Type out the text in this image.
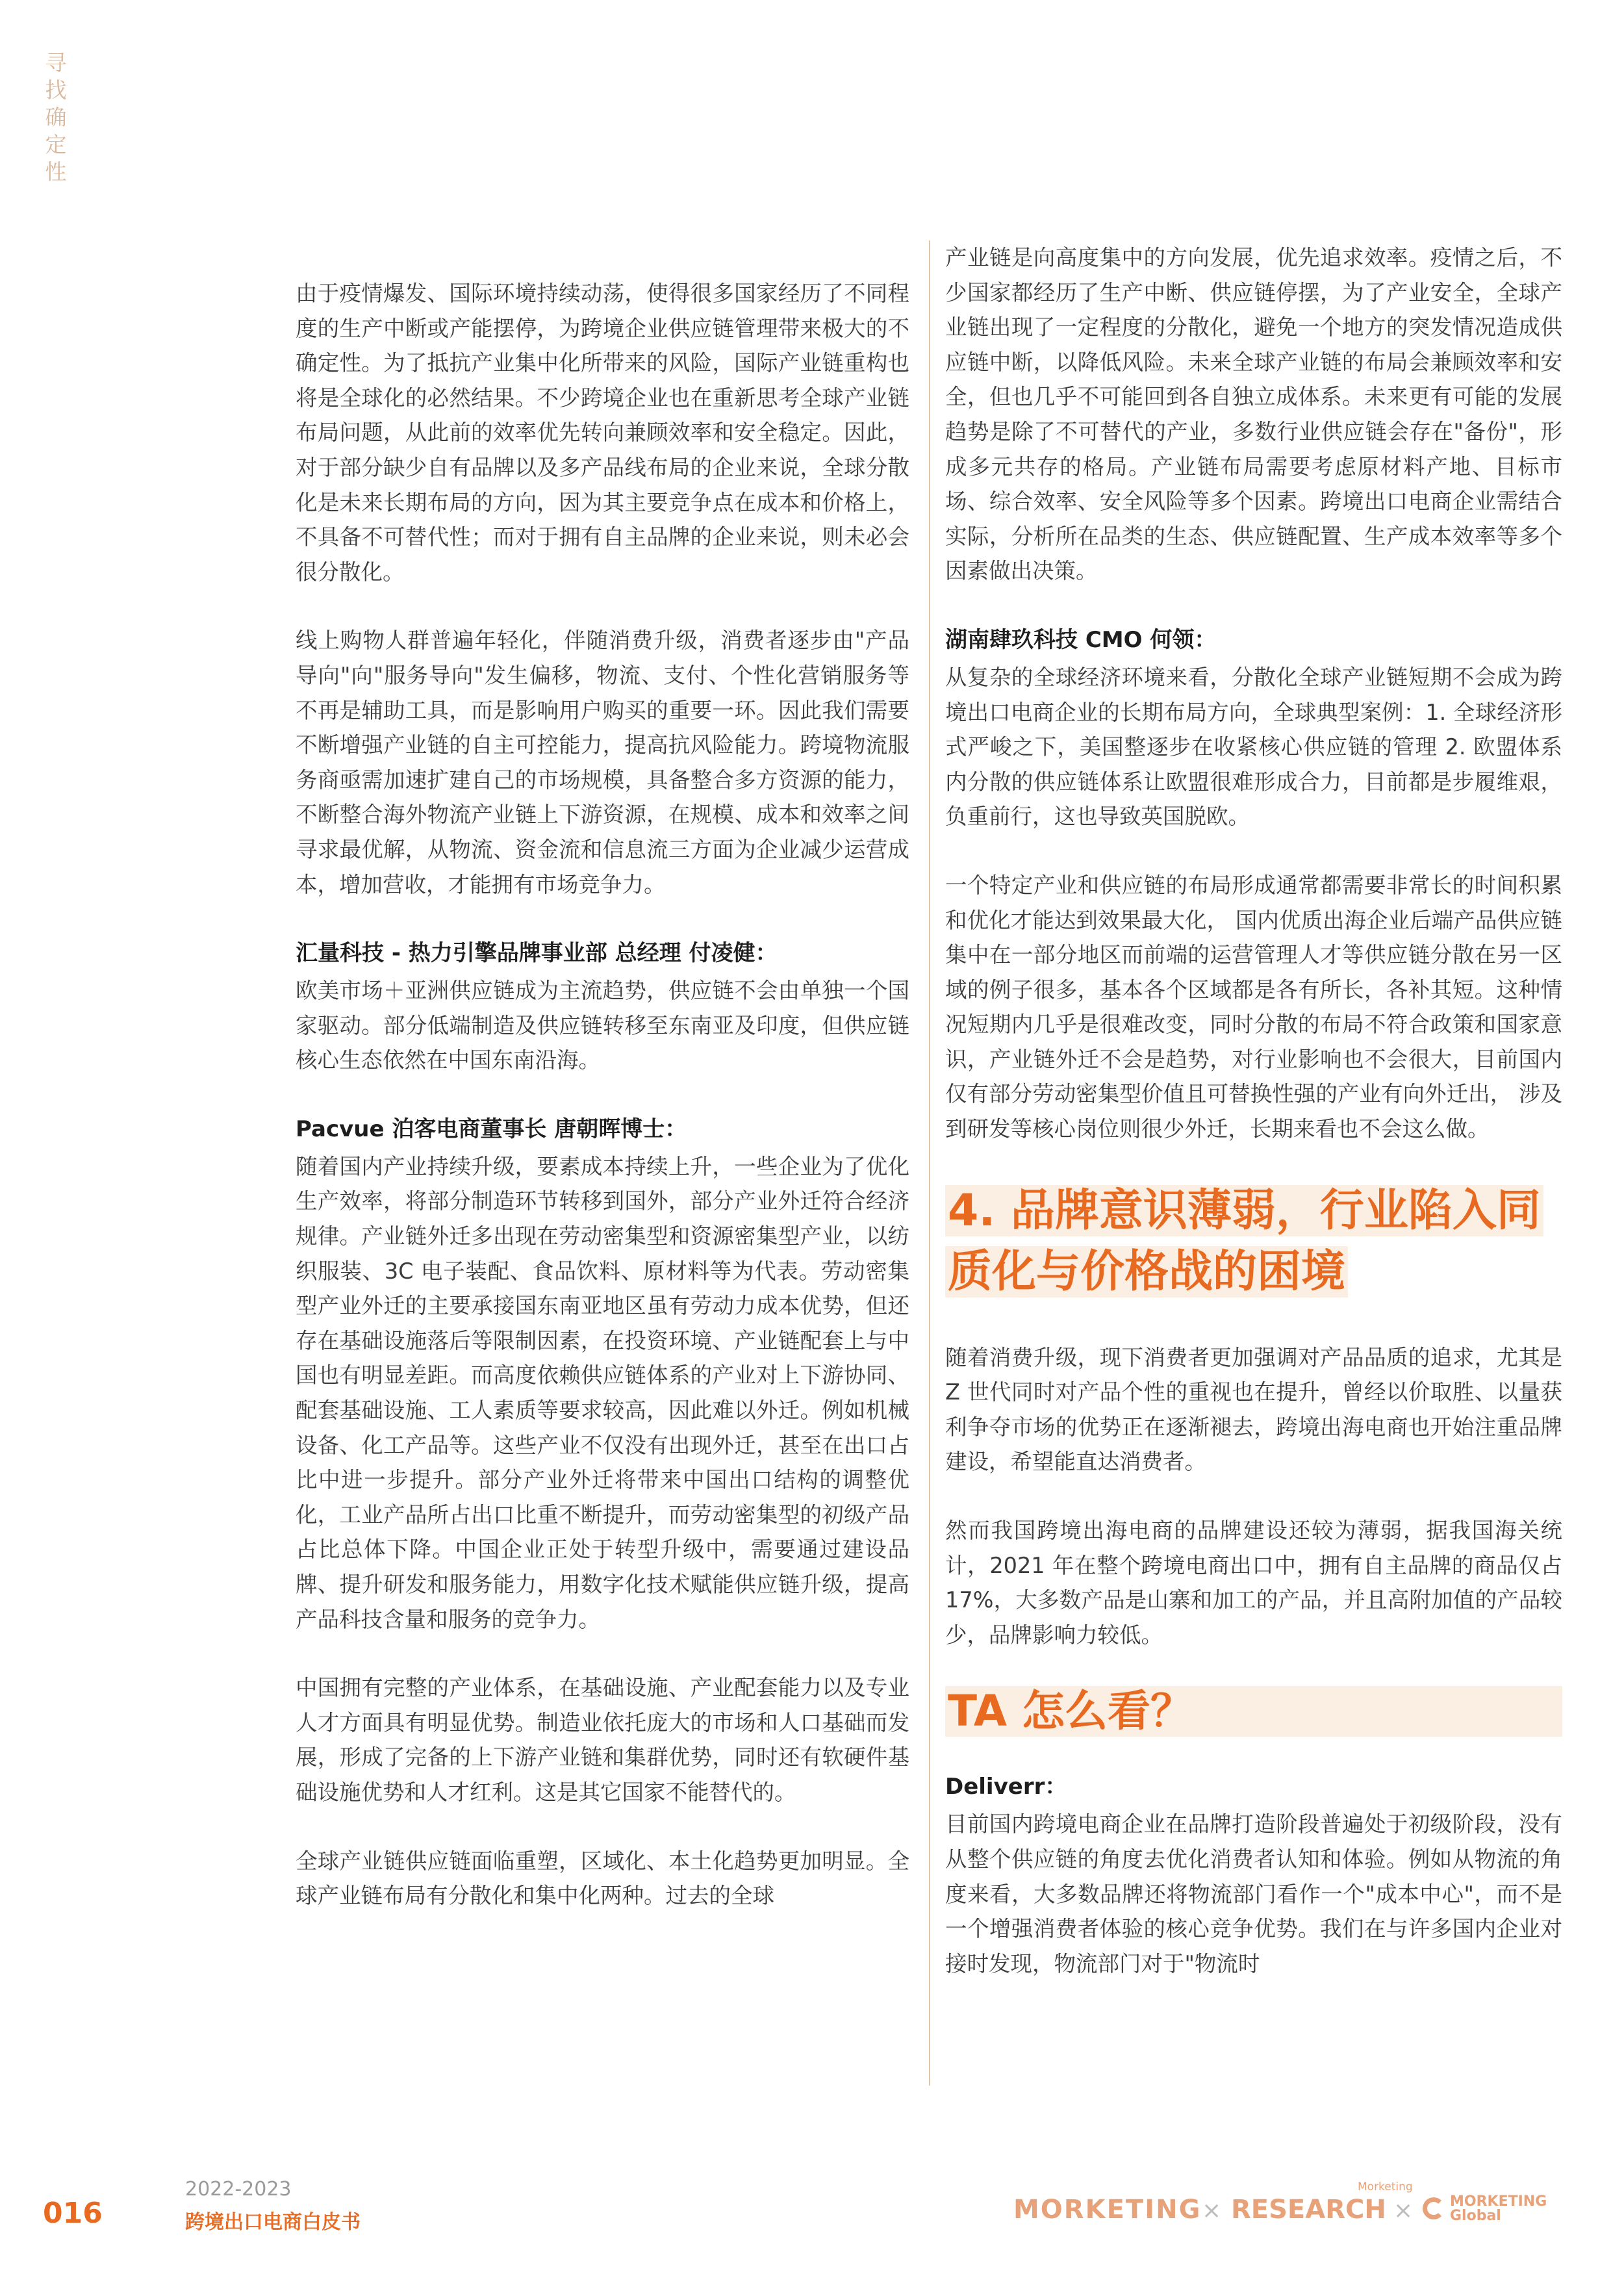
寻找确定性

由于疫情爆发、国际环境持续动荡，使得很多国家经历了不同程度的生产中断或产能摆停，为跨境企业供应链管理带来极大的不确定性。为了抵抗产业集中化所带来的风险，国际产业链重构也将是全球化的必然结果。不少跨境企业也在重新思考全球产业链布局问题，从此前的效率优先转向兼顾效率和安全稳定。因此，对于部分缺少自有品牌以及多产品线布局的企业来说，全球分散化是未来长期布局的方向，因为其主要竞争点在成本和价格上，不具备不可替代性；而对于拥有自主品牌的企业来说，则未必会很分散化。

线上购物人群普遍年轻化，伴随消费升级，消费者逐步由"产品导向"向"服务导向"发生偏移，物流、支付、个性化营销服务等不再是辅助工具，而是影响用户购买的重要一环。因此我们需要不断增强产业链的自主可控能力，提高抗风险能力。跨境物流服务商亟需加速扩建自己的市场规模，具备整合多方资源的能力，不断整合海外物流产业链上下游资源，在规模、成本和效率之间寻求最优解，从物流、资金流和信息流三方面为企业减少运营成本，增加营收，才能拥有市场竞争力。

汇量科技 - 热力引擎品牌事业部 总经理 付凌健：

欧美市场＋亚洲供应链成为主流趋势，供应链不会由单独一个国家驱动。部分低端制造及供应链转移至东南亚及印度，但供应链核心生态依然在中国东南沿海。

Pacvue 泊客电商董事长 唐朝晖博士：

随着国内产业持续升级，要素成本持续上升，一些企业为了优化生产效率，将部分制造环节转移到国外，部分产业外迁符合经济规律。产业链外迁多出现在劳动密集型和资源密集型产业，以纺织服装、3C 电子装配、食品饮料、原材料等为代表。劳动密集型产业外迁的主要承接国东南亚地区虽有劳动力成本优势，但还存在基础设施落后等限制因素，在投资环境、产业链配套上与中国也有明显差距。而高度依赖供应链体系的产业对上下游协同、配套基础设施、工人素质等要求较高，因此难以外迁。例如机械设备、化工产品等。这些产业不仅没有出现外迁，甚至在出口占比中进一步提升。部分产业外迁将带来中国出口结构的调整优化，工业产品所占出口比重不断提升，而劳动密集型的初级产品占比总体下降。中国企业正处于转型升级中，需要通过建设品牌、提升研发和服务能力，用数字化技术赋能供应链升级，提高产品科技含量和服务的竞争力。

中国拥有完整的产业体系，在基础设施、产业配套能力以及专业人才方面具有明显优势。制造业依托庞大的市场和人口基础而发展，形成了完备的上下游产业链和集群优势，同时还有软硬件基础设施优势和人才红利。这是其它国家不能替代的。

全球产业链供应链面临重塑，区域化、本土化趋势更加明显。全球产业链布局有分散化和集中化两种。过去的全球

产业链是向高度集中的方向发展，优先追求效率。疫情之后，不少国家都经历了生产中断、供应链停摆，为了产业安全，全球产业链出现了一定程度的分散化，避免一个地方的突发情况造成供应链中断，以降低风险。未来全球产业链的布局会兼顾效率和安全，但也几乎不可能回到各自独立成体系。未来更有可能的发展趋势是除了不可替代的产业，多数行业供应链会存在"备份"，形成多元共存的格局。产业链布局需要考虑原材料产地、目标市场、综合效率、安全风险等多个因素。跨境出口电商企业需结合实际，分析所在品类的生态、供应链配置、生产成本效率等多个因素做出决策。

湖南肆玖科技 CMO 何领：

从复杂的全球经济环境来看，分散化全球产业链短期不会成为跨境出口电商企业的长期布局方向，全球典型案例：1. 全球经济形式严峻之下，美国整逐步在收紧核心供应链的管理 2. 欧盟体系内分散的供应链体系让欧盟很难形成合力，目前都是步履维艰，负重前行，这也导致英国脱欧。

一个特定产业和供应链的布局形成通常都需要非常长的时间积累和优化才能达到效果最大化， 国内优质出海企业后端产品供应链集中在一部分地区而前端的运营管理人才等供应链分散在另一区域的例子很多，基本各个区域都是各有所长，各补其短。这种情况短期内几乎是很难改变，同时分散的布局不符合政策和国家意识，产业链外迁不会是趋势，对行业影响也不会很大，目前国内仅有部分劳动密集型价值且可替换性强的产业有向外迁出， 涉及到研发等核心岗位则很少外迁，长期来看也不会这么做。

4. 品牌意识薄弱，行业陷入同质化与价格战的困境

随着消费升级，现下消费者更加强调对产品品质的追求，尤其是 Z 世代同时对产品个性的重视也在提升，曾经以价取胜、以量获利争夺市场的优势正在逐渐褪去，跨境出海电商也开始注重品牌建设，希望能直达消费者。

然而我国跨境出海电商的品牌建设还较为薄弱，据我国海关统计，2021 年在整个跨境电商出口中，拥有自主品牌的商品仅占 17%，大多数产品是山寨和加工的产品，并且高附加值的产品较少，品牌影响力较低。

TA 怎么看？
Deliverr：

目前国内跨境电商企业在品牌打造阶段普遍处于初级阶段，没有从整个供应链的角度去优化消费者认知和体验。例如从物流的角度来看，大多数品牌还将物流部门看作一个"成本中心"，而不是一个增强消费者体验的核心竞争优势。我们在与许多国内企业对接时发现，物流部门对于"物流时

016
2022-2023
跨境出口电商白皮书	MORKETING ×
Morketing
RESEARCH ×	MORKETING
Global
